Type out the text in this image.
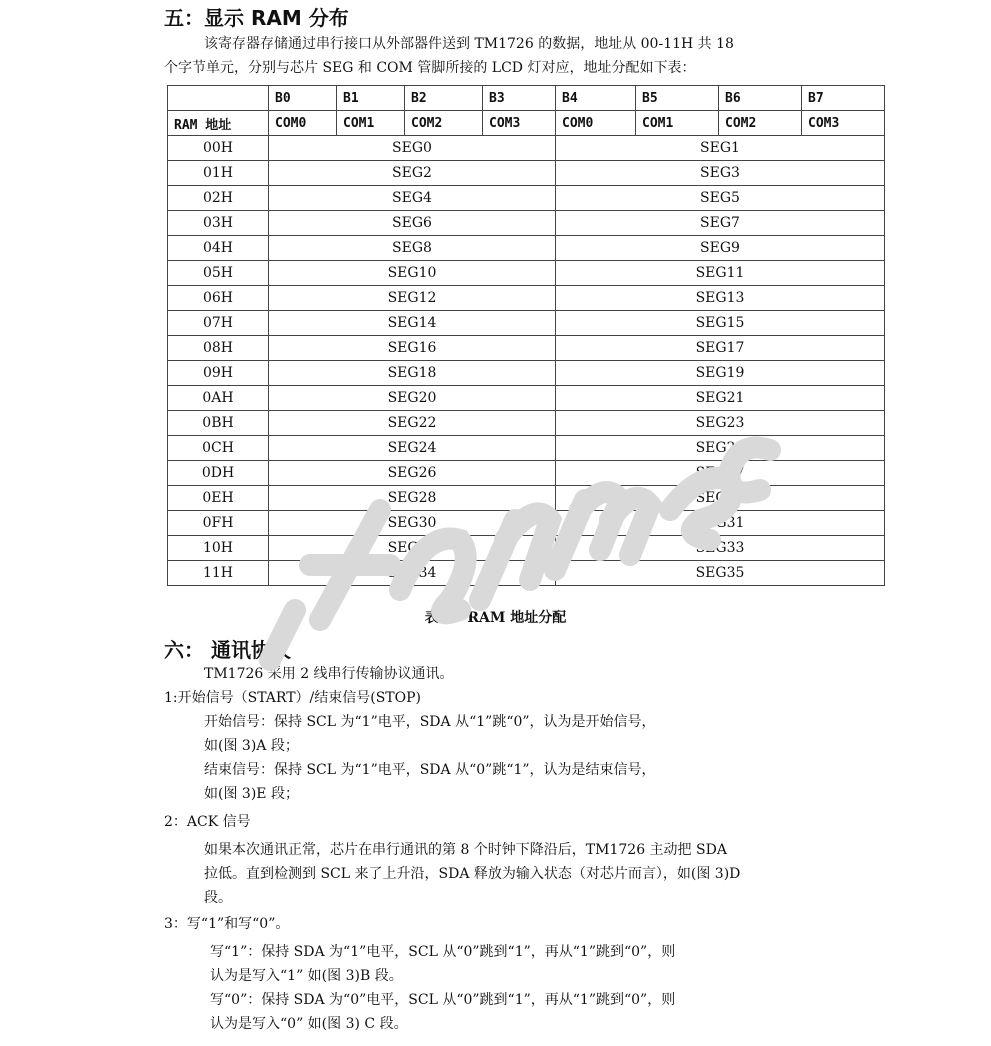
五：显示 RAM 分布

该寄存器存储通过串行接口从外部器件送到 TM1726 的数据，地址从 00-11H 共 18

个字节单元，分别与芯片 SEG 和 COM 管脚所接的 LCD 灯对应，地址分配如下表：

	B0	B1	B2	B3	B4	B5	B6	B7
RAM 地址	COM0	COM1	COM2	COM3	COM0	COM1	COM2	COM3
00H	SEG0				SEG1			
01H	SEG2				SEG3			
02H	SEG4				SEG5			
03H	SEG6				SEG7			
04H	SEG8				SEG9			
05H	SEG10				SEG11			
06H	SEG12				SEG13			
07H	SEG14				SEG15			
08H	SEG16				SEG17			
09H	SEG18				SEG19			
0AH	SEG20				SEG21			
0BH	SEG22				SEG23			
0CH	SEG24				SEG25			
0DH	SEG26				SEG27			
0EH	SEG28				SEG29			
0FH	SEG30				SEG31			
10H	SEG32				SEG33			
11H	SEG34				SEG35			

表 1：RAM 地址分配

六： 通讯协议

TM1726 采用 2 线串行传输协议通讯。

1:开始信号（START）/结束信号(STOP)

开始信号：保持 SCL 为“1”电平，SDA 从“1”跳“0”，认为是开始信号，

如(图 3)A 段；

结束信号：保持 SCL 为“1”电平，SDA 从“0”跳“1”，认为是结束信号，

如(图 3)E 段；

2：ACK 信号

如果本次通讯正常，芯片在串行通讯的第 8 个时钟下降沿后，TM1726 主动把 SDA

拉低。直到检测到 SCL 来了上升沿，SDA 释放为输入状态（对芯片而言），如(图 3)D

段。

3：写“1”和写“0”。

写“1”：保持 SDA 为“1”电平，SCL 从“0”跳到“1”，再从“1”跳到“0”，则

认为是写入“1” 如(图 3)B 段。

写“0”：保持 SDA 为“0”电平，SCL 从“0”跳到“1”，再从“1”跳到“0”，则

认为是写入“0” 如(图 3) C 段。
